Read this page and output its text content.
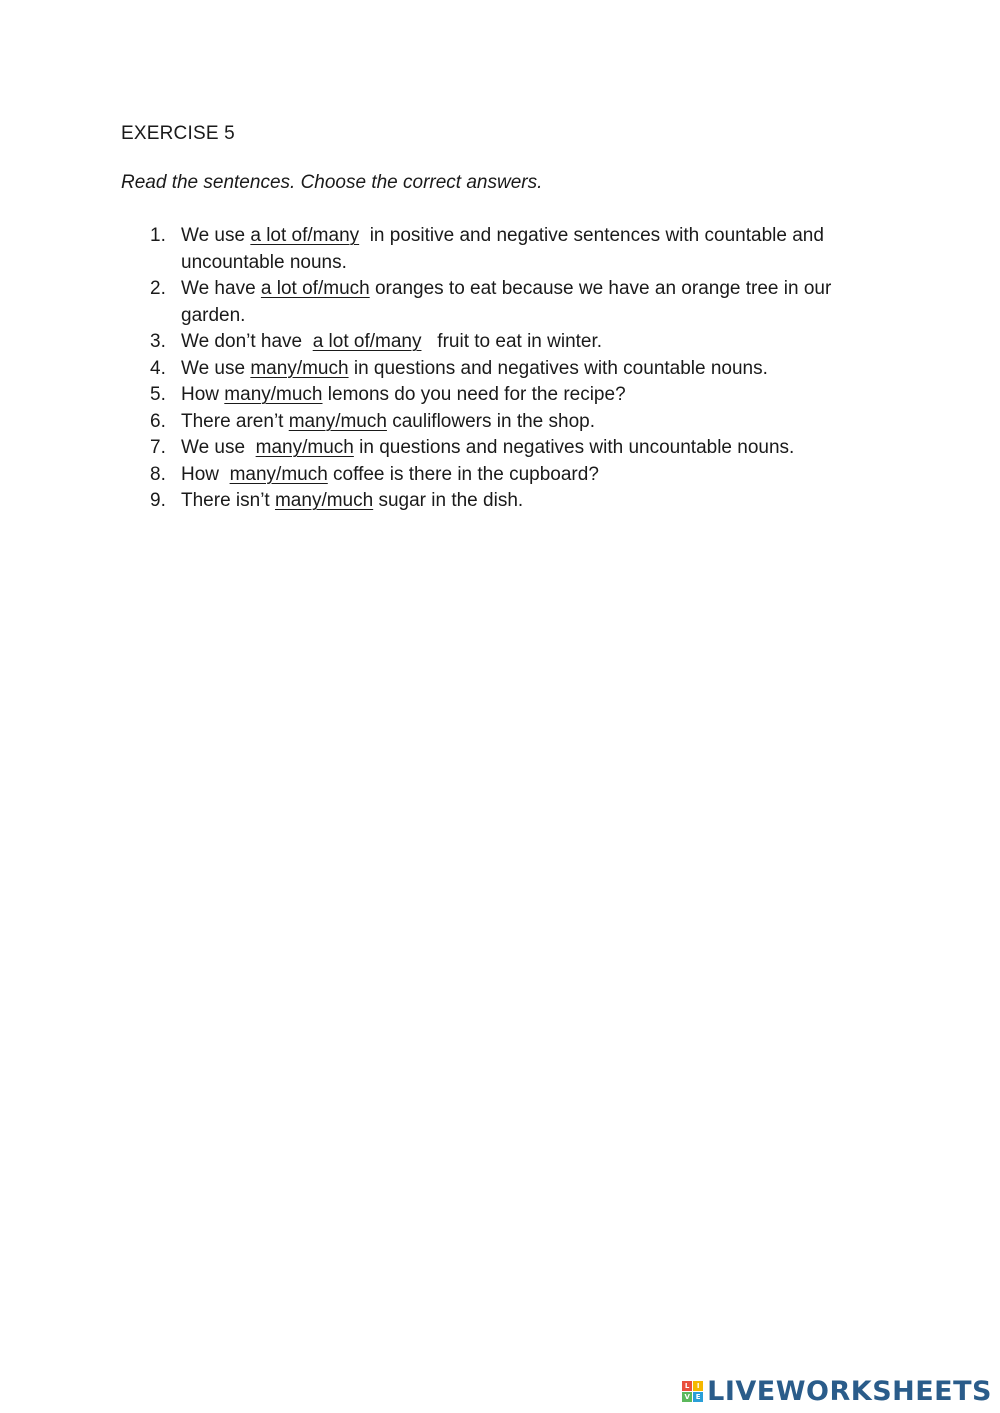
EXERCISE 5
Read the sentences. Choose the correct answers.
1. We use a lot of/many  in positive and negative sentences with countable and uncountable nouns.
2. We have a lot of/much oranges to eat because we have an orange tree in our garden.
3. We don’t have  a lot of/many   fruit to eat in winter.
4. We use many/much in questions and negatives with countable nouns.
5. How many/much lemons do you need for the recipe?
6. There aren’t many/much cauliflowers in the shop.
7. We use  many/much in questions and negatives with uncountable nouns.
8. How  many/much coffee is there in the cupboard?
9. There isn’t many/much sugar in the dish.
L	I
V E LIVEWORKSHEETS
